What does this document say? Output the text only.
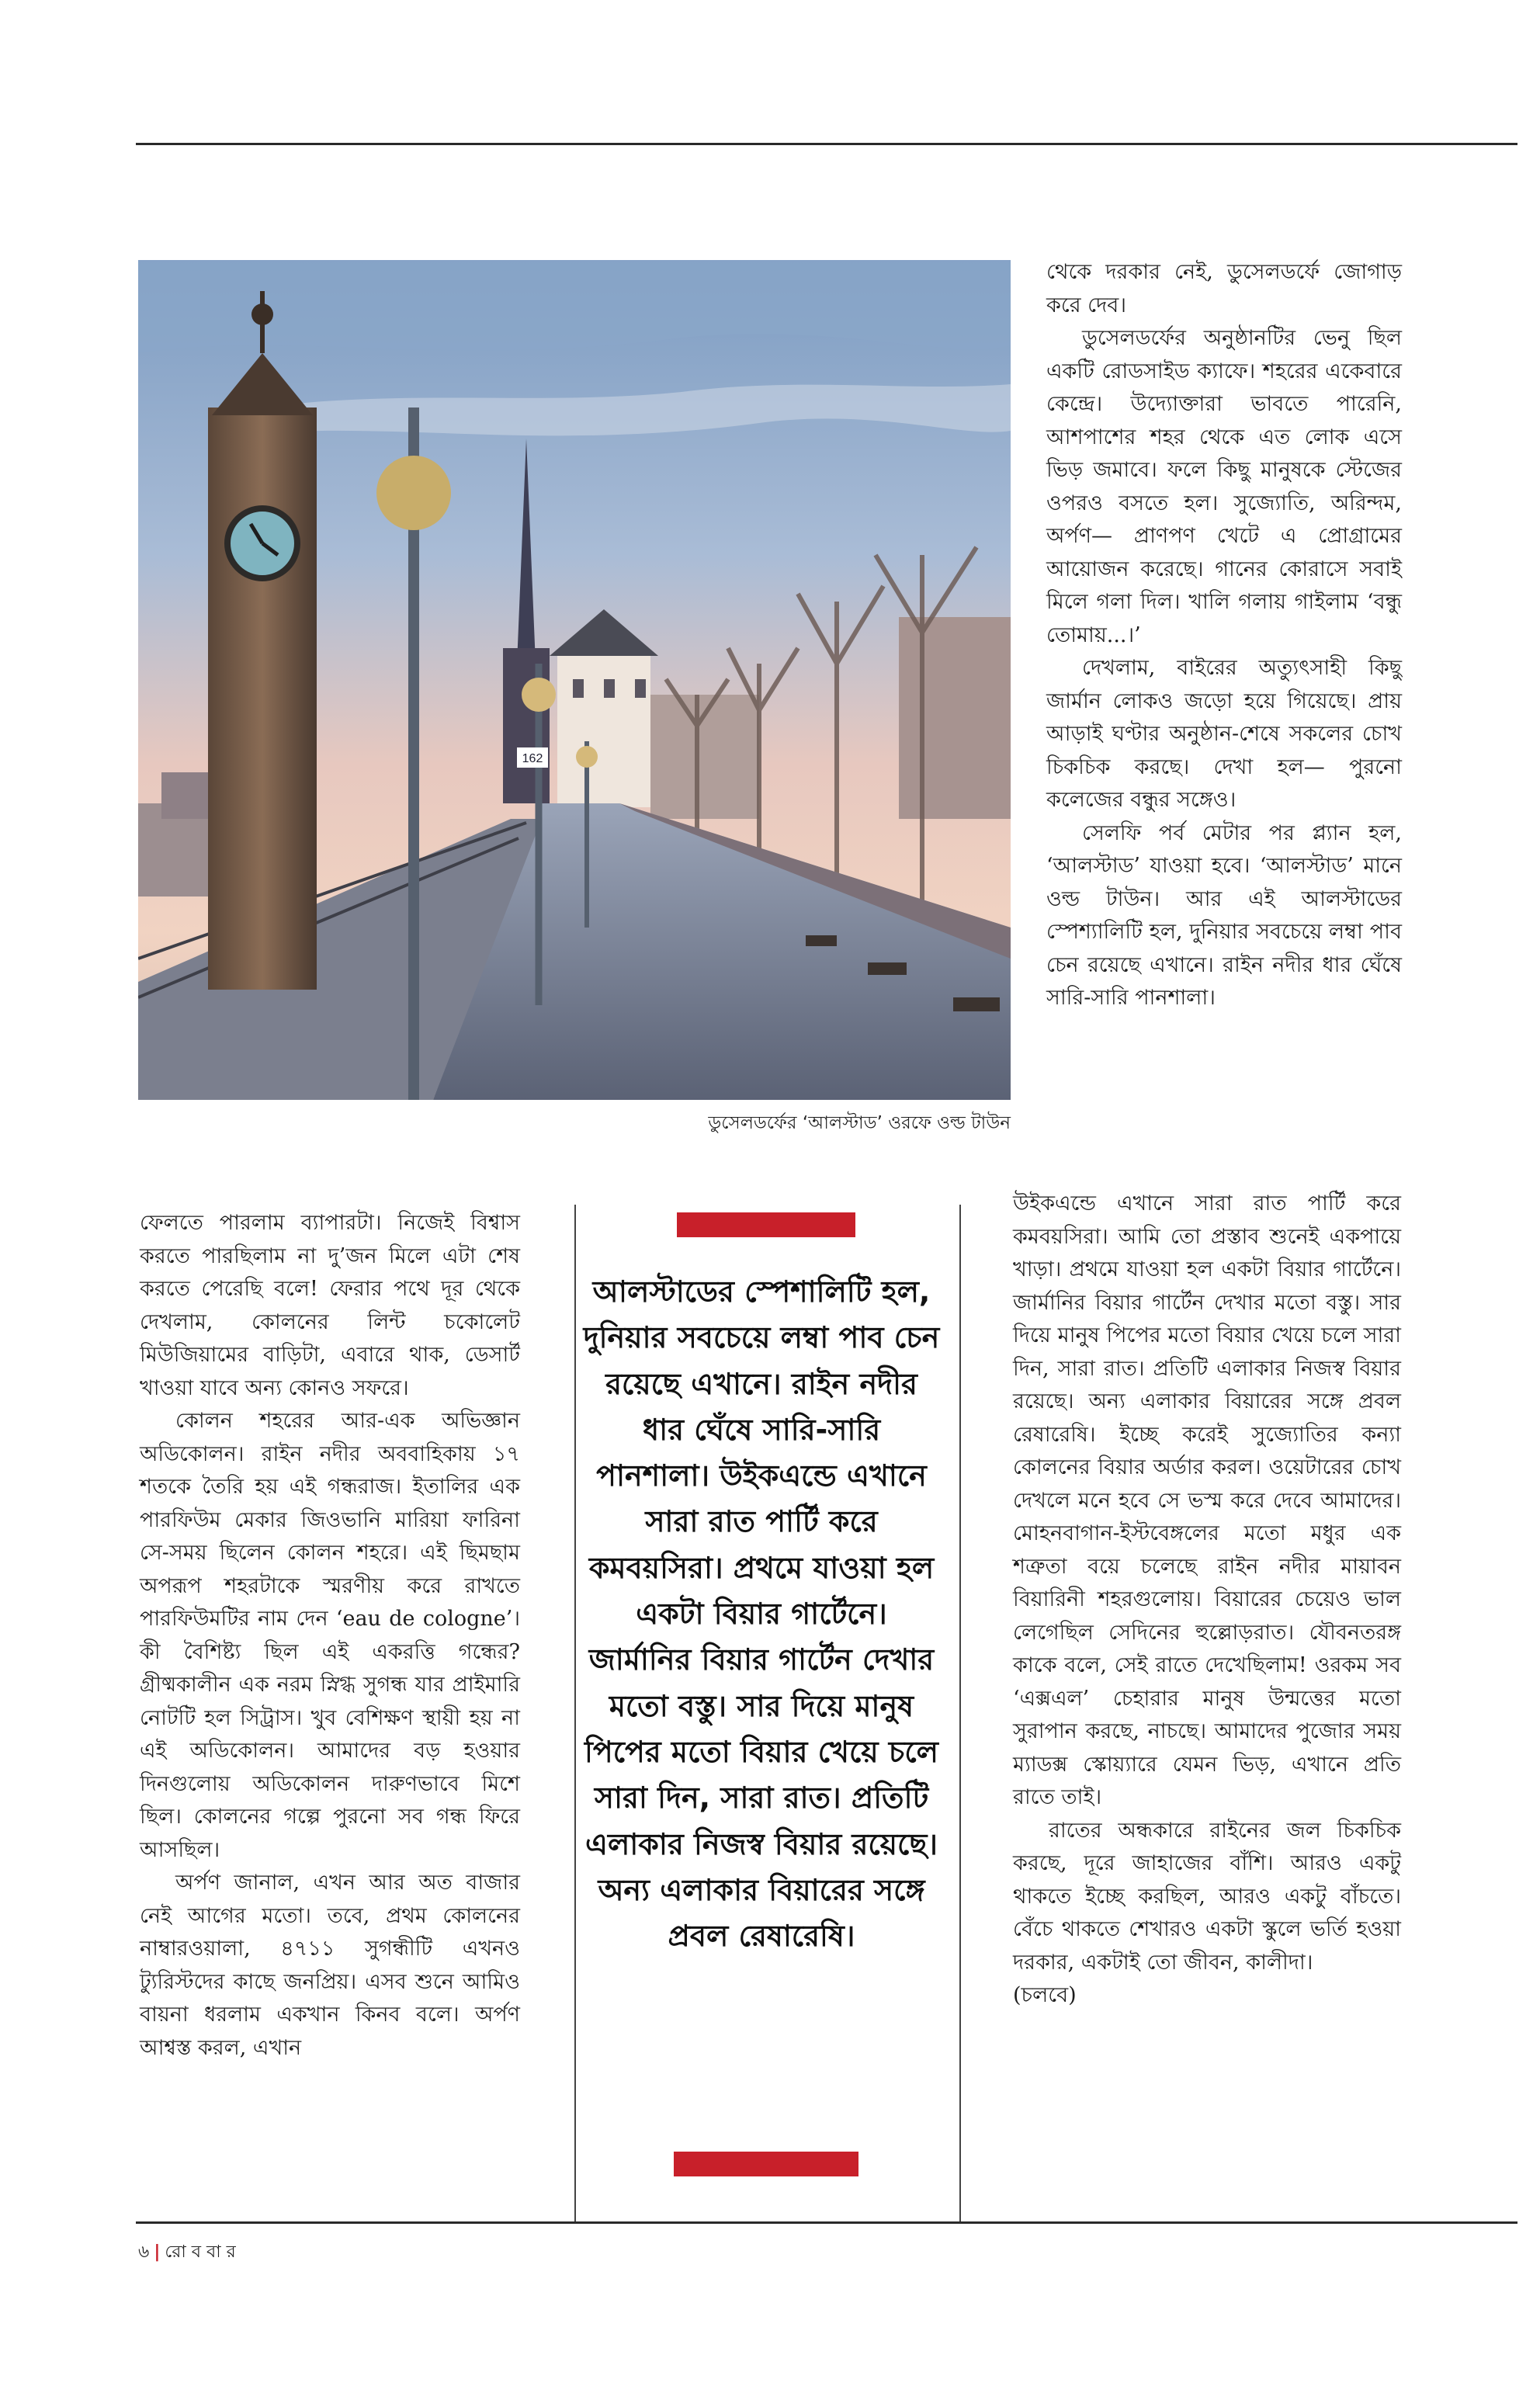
162
ডুসেলডর্ফের ‘আলস্টাড’ ওরফে ওল্ড টাউন

থেকে দরকার নেই, ডুসেলডর্ফে জোগাড় করে দেব।

ডুসেলডর্ফের অনুষ্ঠানটির ভেনু ছিল একটি রোডসাইড ক্যাফে। শহরের একেবারে কেন্দ্রে। উদ্যোক্তারা ভাবতে পারেনি, আশপাশের শহর থেকে এত লোক এসে ভিড় জমাবে। ফলে কিছু মানুষকে স্টেজের ওপরও বসতে হল। সুজ্যোতি, অরিন্দম, অর্পণ— প্রাণপণ খেটে এ প্রোগ্রামের আয়োজন করেছে। গানের কোরাসে সবাই মিলে গলা দিল। খালি গলায় গাইলাম ‘বন্ধু তোমায়...।’

দেখলাম, বাইরের অত্যুৎসাহী কিছু জার্মান লোকও জড়ো হয়ে গিয়েছে। প্রায় আড়াই ঘণ্টার অনুষ্ঠান-শেষে সকলের চোখ চিকচিক করছে। দেখা হল— পুরনো কলেজের বন্ধুর সঙ্গেও।

সেলফি পর্ব মেটার পর প্ল্যান হল, ‘আলস্টাড’ যাওয়া হবে। ‘আলস্টাড’ মানে ওল্ড টাউন। আর এই আলস্টাডের স্পেশ্যালিটি হল, দুনিয়ার সবচেয়ে লম্বা পাব চেন রয়েছে এখানে। রাইন নদীর ধার ঘেঁষে সারি-সারি পানশালা।

উইকএন্ডে এখানে সারা রাত পার্টি করে কমবয়সিরা। আমি তো প্রস্তাব শুনেই একপায়ে খাড়া। প্রথমে যাওয়া হল একটা বিয়ার গার্টেনে। জার্মানির বিয়ার গার্টেন দেখার মতো বস্তু। সার দিয়ে মানুষ পিপের মতো বিয়ার খেয়ে চলে সারা দিন, সারা রাত। প্রতিটি এলাকার নিজস্ব বিয়ার রয়েছে। অন্য এলাকার বিয়ারের সঙ্গে প্রবল রেষারেষি। ইচ্ছে করেই সুজ্যোতির কন্যা কোলনের বিয়ার অর্ডার করল। ওয়েটারের চোখ দেখলে মনে হবে সে ভস্ম করে দেবে আমাদের। মোহনবাগান-ইস্টবেঙ্গলের মতো মধুর এক শত্রুতা বয়ে চলেছে রাইন নদীর মায়াবন বিয়ারিনী শহরগুলোয়। বিয়ারের চেয়েও ভাল লেগেছিল সেদিনের হুল্লোড়রাত। যৌবনতরঙ্গ কাকে বলে, সেই রাতে দেখেছিলাম! ওরকম সব ‘এক্সএল’ চেহারার মানুষ উন্মত্তের মতো সুরাপান করছে, নাচছে। আমাদের পুজোর সময় ম্যাডক্স স্কোয়্যারে যেমন ভিড়, এখানে প্রতি রাতে তাই।

রাতের অন্ধকারে রাইনের জল চিকচিক করছে, দূরে জাহাজের বাঁশি। আরও একটু থাকতে ইচ্ছে করছিল, আরও একটু বাঁচতে। বেঁচে থাকতে শেখারও একটা স্কুলে ভর্তি হওয়া দরকার, একটাই তো জীবন, কালীদা।

(চলবে)

ফেলতে পারলাম ব্যাপারটা। নিজেই বিশ্বাস করতে পারছিলাম না দু’জন মিলে এটা শেষ করতে পেরেছি বলে! ফেরার পথে দূর থেকে দেখলাম, কোলনের লিন্ট চকোলেট মিউজিয়ামের বাড়িটা, এবারে থাক, ডেসার্ট খাওয়া যাবে অন্য কোনও সফরে।

কোলন শহরের আর-এক অভিজ্ঞান অডিকোলন। রাইন নদীর অববাহিকায় ১৭ শতকে তৈরি হয় এই গন্ধরাজ। ইতালির এক পারফিউম মেকার জিওভানি মারিয়া ফারিনা সে-সময় ছিলেন কোলন শহরে। এই ছিমছাম অপরূপ শহরটাকে স্মরণীয় করে রাখতে পারফিউমটির নাম দেন ‘eau de cologne’। কী বৈশিষ্ট্য ছিল এই একরত্তি গন্ধের? গ্রীষ্মকালীন এক নরম স্নিগ্ধ সুগন্ধ যার প্রাইমারি নোটটি হল সিট্রাস। খুব বেশিক্ষণ স্থায়ী হয় না এই অডিকোলন। আমাদের বড় হওয়ার দিনগুলোয় অডিকোলন দারুণভাবে মিশে ছিল। কোলনের গল্পে পুরনো সব গন্ধ ফিরে আসছিল।

অর্পণ জানাল, এখন আর অত বাজার নেই আগের মতো। তবে, প্রথম কোলনের নাম্বারওয়ালা, ৪৭১১ সুগন্ধীটি এখনও ট্যুরিস্টদের কাছে জনপ্রিয়। এসব শুনে আমিও বায়না ধরলাম একখান কিনব বলে। অর্পণ আশ্বস্ত করল, এখান

আলস্টাডের স্পেশালিটি হল, দুনিয়ার সবচেয়ে লম্বা পাব চেন রয়েছে এখানে। রাইন নদীর ধার ঘেঁষে সারি-সারি পানশালা। উইকএন্ডে এখানে সারা রাত পার্টি করে কমবয়সিরা। প্রথমে যাওয়া হল একটা বিয়ার গার্টেনে। জার্মানির বিয়ার গার্টেন দেখার মতো বস্তু। সার দিয়ে মানুষ পিপের মতো বিয়ার খেয়ে চলে সারা দিন, সারা রাত। প্রতিটি এলাকার নিজস্ব বিয়ার রয়েছে। অন্য এলাকার বিয়ারের সঙ্গে প্রবল রেষারেষি।
৬ | রো ব বা র
